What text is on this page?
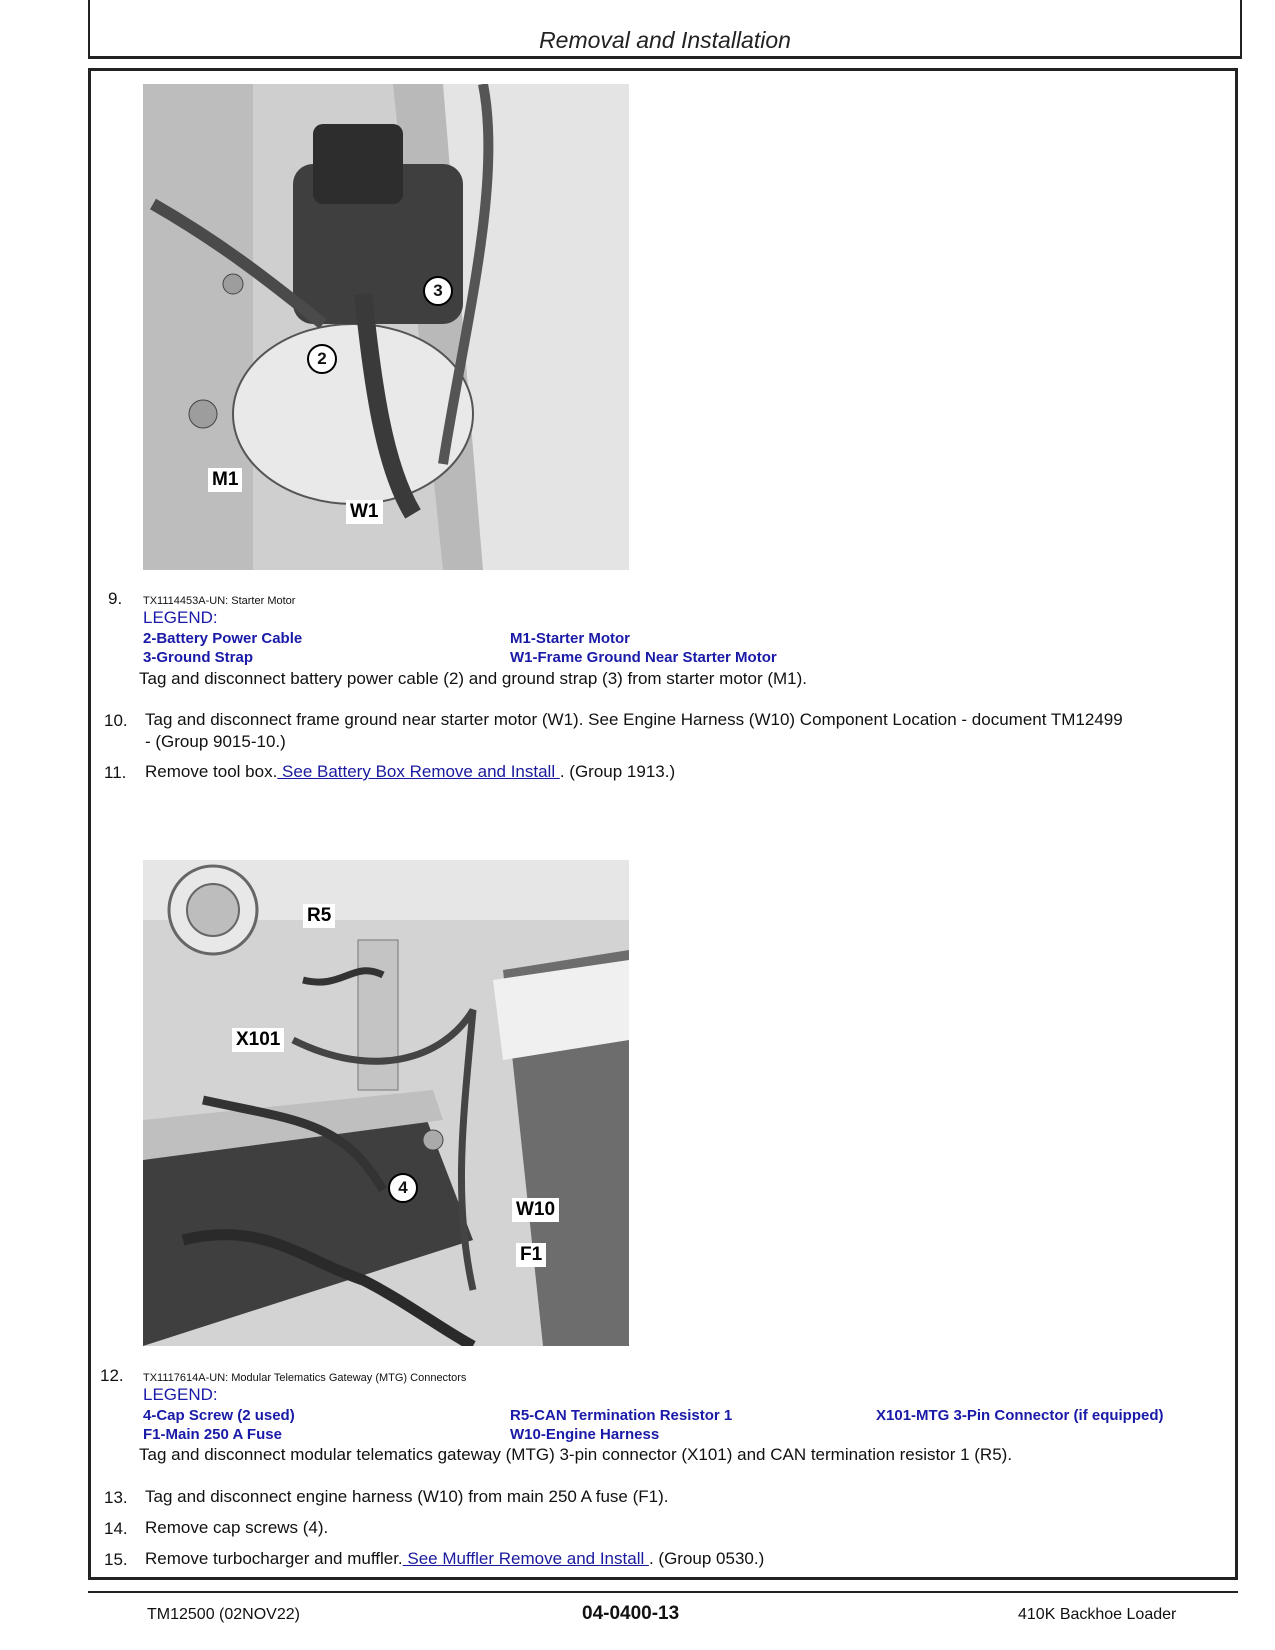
Removal and Installation
3
2
M1
W1
9. TX1114453A-UN: Starter Motor
LEGEND:
2-Battery Power Cable
3-Ground Strap
M1-Starter Motor
W1-Frame Ground Near Starter Motor
Tag and disconnect battery power cable (2) and ground strap (3) from starter motor (M1).
10. Tag and disconnect frame ground near starter motor (W1). See Engine Harness (W10) Component Location - document TM12499
- (Group 9015-10.)
11. Remove tool box. See Battery Box Remove and Install . (Group 1913.)
R5
X101
4
W10
F1
12. TX1117614A-UN: Modular Telematics Gateway (MTG) Connectors
LEGEND:
4-Cap Screw (2 used)
F1-Main 250 A Fuse
R5-CAN Termination Resistor 1
W10-Engine Harness
X101-MTG 3-Pin Connector (if equipped)
Tag and disconnect modular telematics gateway (MTG) 3-pin connector (X101) and CAN termination resistor 1 (R5).
13. Tag and disconnect engine harness (W10) from main 250 A fuse (F1).
14. Remove cap screws (4).
15. Remove turbocharger and muffler. See Muffler Remove and Install . (Group 0530.)
TM12500 (02NOV22)	04-0400-13	410K Backhoe Loader
